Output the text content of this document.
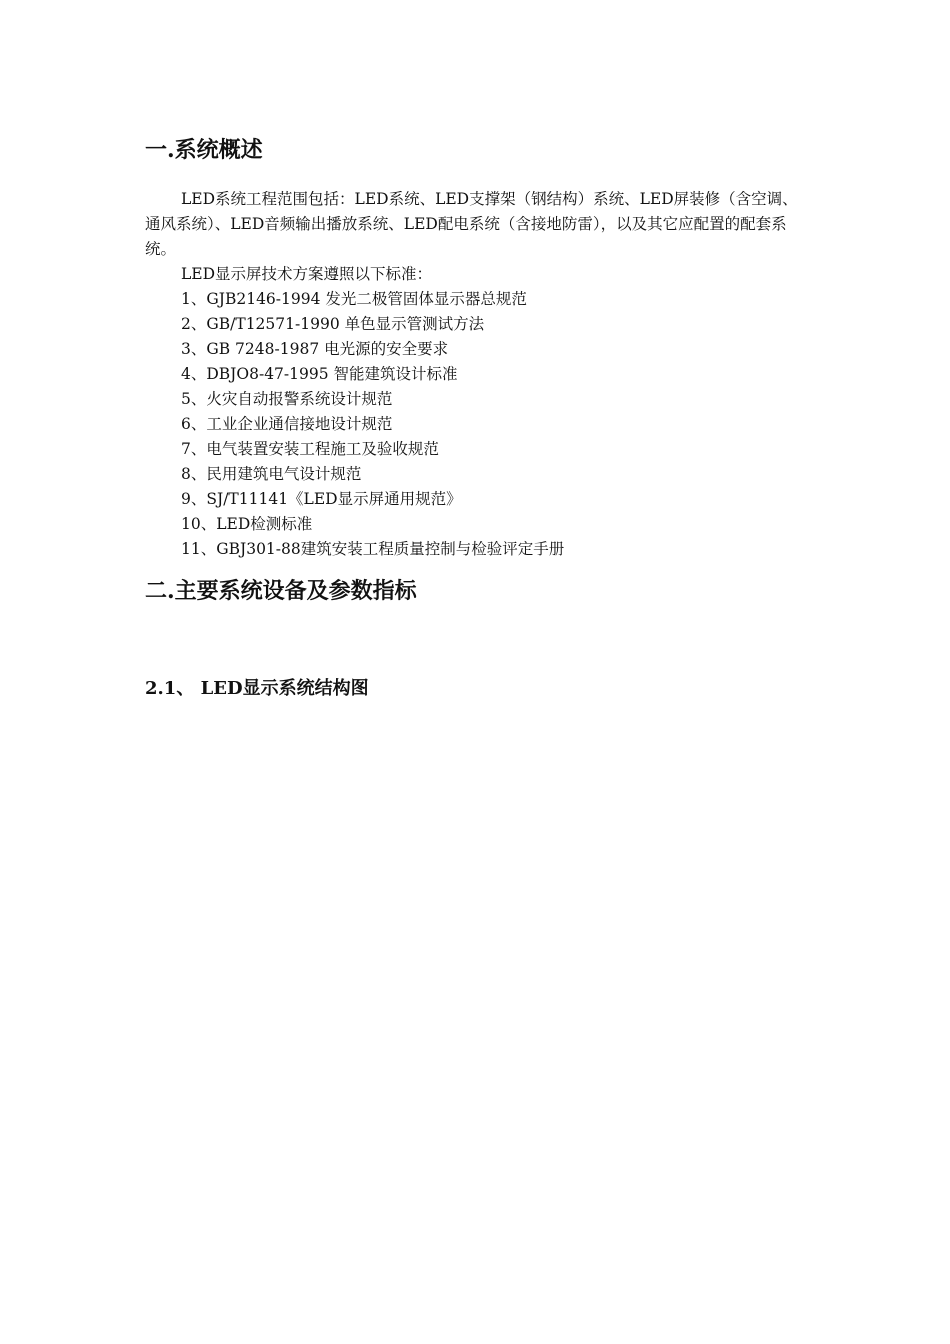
一.系统概述

LED系统工程范围包括：LED系统、LED支撑架（钢结构）系统、LED屏装修（含空调、通风系统）、LED音频输出播放系统、LED配电系统（含接地防雷），以及其它应配置的配套系统。

LED显示屏技术方案遵照以下标准：

1、GJB2146-1994 发光二极管固体显示器总规范
2、GB/T12571-1990 单色显示管测试方法
3、GB 7248-1987 电光源的安全要求
4、DBJO8-47-1995 智能建筑设计标准
5、火灾自动报警系统设计规范
6、工业企业通信接地设计规范
7、电气装置安装工程施工及验收规范
8、民用建筑电气设计规范
9、SJ/T11141《LED显示屏通用规范》
10、LED检测标准
11、GBJ301-88建筑安装工程质量控制与检验评定手册
二.主要系统设备及参数指标
2.1、 LED显示系统结构图
